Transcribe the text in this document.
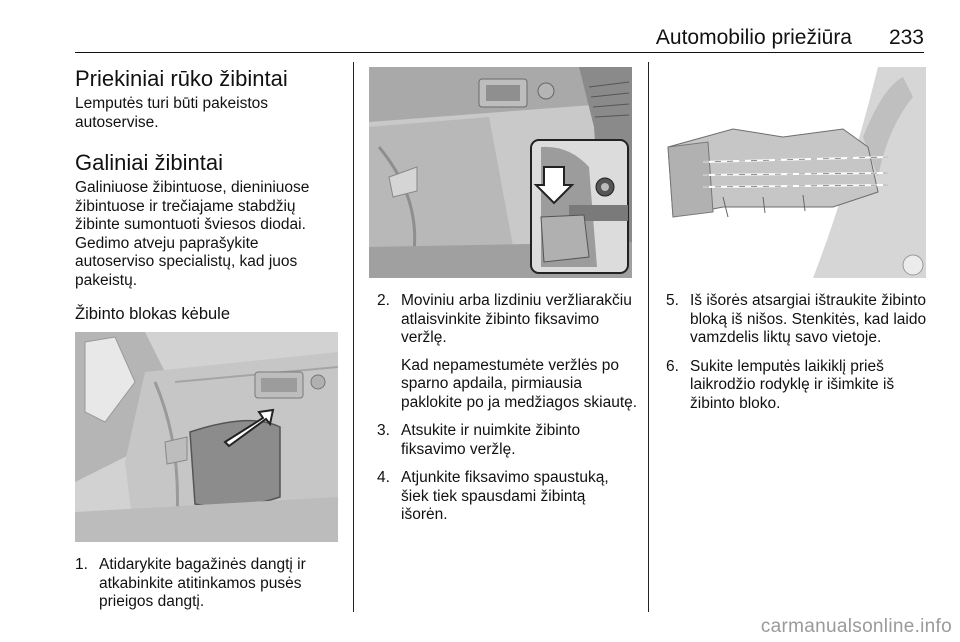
Automobilio priežiūra 233
Priekiniai rūko žibintai

Lemputės turi būti pakeistos autoservise.

Galiniai žibintai

Galiniuose žibintuose, dieniniuose žibintuose ir trečiajame stabdžių žibinte sumontuoti šviesos diodai. Gedimo atveju paprašykite autoserviso specialistų, kad juos pakeistų.

Žibinto blokas kėbule
1. Atidarykite bagažinės dangtį ir atkabinkite atitinkamos pusės prieigos dangtį.
2. Moviniu arba lizdiniu veržliarakčiu atlaisvinkite žibinto fiksavimo veržlę.
Kad nepamestumėte veržlės po sparno apdaila, pirmiausia paklokite po ja medžiagos skiautę.
3. Atsukite ir nuimkite žibinto fiksavimo veržlę.
4. Atjunkite fiksavimo spaustuką, šiek tiek spausdami žibintą išorėn.
5. Iš išorės atsargiai ištraukite žibinto bloką iš nišos. Stenkitės, kad laido vamzdelis liktų savo vietoje.
6. Sukite lemputės laikiklį prieš laikrodžio rodyklę ir išimkite iš žibinto bloko.
carmanualsonline.info
